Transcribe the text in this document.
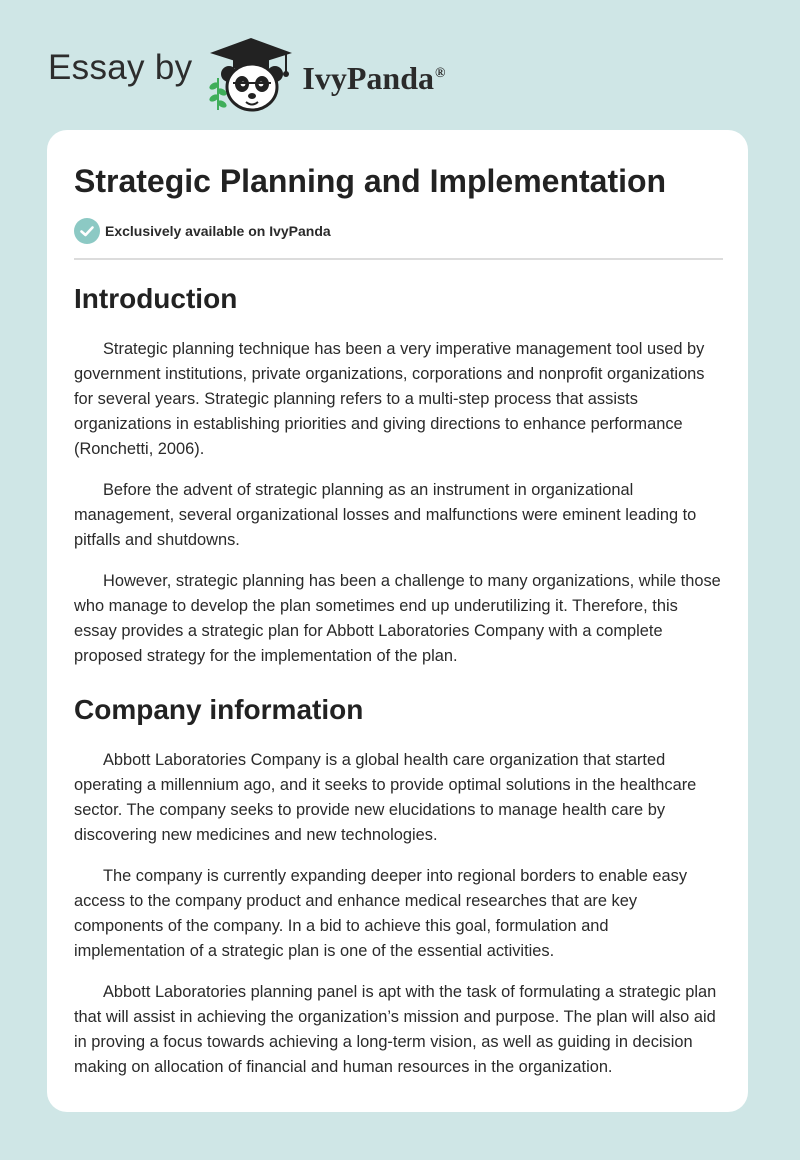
Essay by	IvyPanda®
Strategic Planning and Implementation
Exclusively available on IvyPanda
Introduction

Strategic planning technique has been a very imperative management tool used by government institutions, private organizations, corporations and nonprofit organizations for several years. Strategic planning refers to a multi-step process that assists organizations in establishing priorities and giving directions to enhance performance (Ronchetti, 2006).

Before the advent of strategic planning as an instrument in organizational management, several organizational losses and malfunctions were eminent leading to pitfalls and shutdowns.

However, strategic planning has been a challenge to many organizations, while those who manage to develop the plan sometimes end up underutilizing it. Therefore, this essay provides a strategic plan for Abbott Laboratories Company with a complete proposed strategy for the implementation of the plan.

Company information

Abbott Laboratories Company is a global health care organization that started operating a millennium ago, and it seeks to provide optimal solutions in the healthcare sector. The company seeks to provide new elucidations to manage health care by discovering new medicines and new technologies.

The company is currently expanding deeper into regional borders to enable easy access to the company product and enhance medical researches that are key components of the company. In a bid to achieve this goal, formulation and implementation of a strategic plan is one of the essential activities.

Abbott Laboratories planning panel is apt with the task of formulating a strategic plan that will assist in achieving the organization’s mission and purpose. The plan will also aid in proving a focus towards achieving a long-term vision, as well as guiding in decision making on allocation of financial and human resources in the organization.
